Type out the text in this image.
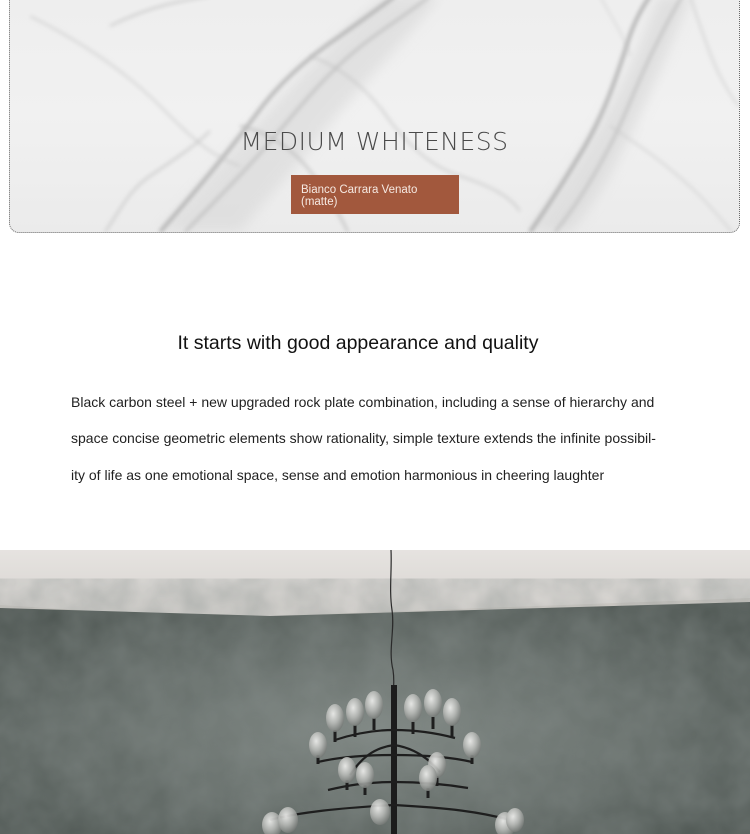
MEDIUM WHITENESS
Bianco Carrara Venato
(matte)
It starts with good appearance and quality
Black carbon steel + new upgraded rock plate combination, including a sense of hierarchy and
space concise geometric elements show rationality, simple texture extends the infinite possibil-
ity of life as one emotional space, sense and emotion harmonious in cheering laughter
